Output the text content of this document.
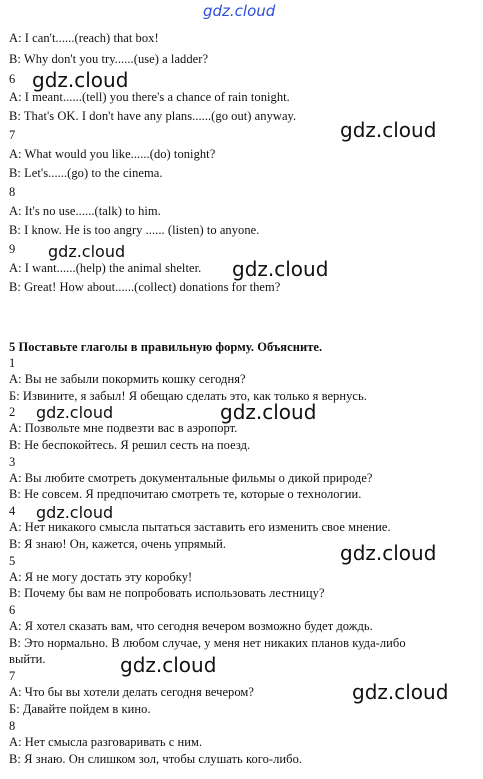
gdz.cloud
gdz.cloud
gdz.cloud
gdz.cloud
gdz.cloud
gdz.cloud	gdz.cloud
gdz.cloud
gdz.cloud
gdz.cloud
gdz.cloud
A: I can't......(reach) that box!
B: Why don't you try......(use) a ladder?
6
A: I meant......(tell) you there's a chance of rain tonight.
B: That's OK. I don't have any plans......(go out) anyway.
7
A: What would you like......(do) tonight?
B: Let's......(go) to the cinema.
8
A: It's no use......(talk) to him.
B: I know. He is too angry ...... (listen) to anyone.
9
A: I want......(help) the animal shelter.
B: Great! How about......(collect) donations for them?
5 Поставьте глаголы в правильную форму. Объясните.
1
А: Вы не забыли покормить кошку сегодня?
Б: Извините, я забыл! Я обещаю сделать это, как только я вернусь.
2
А: Позвольте мне подвезти вас в аэропорт.
В: Не беспокойтесь. Я решил сесть на поезд.
3
А: Вы любите смотреть документальные фильмы о дикой природе?
В: Не совсем. Я предпочитаю смотреть те, которые о технологии.
4
А: Нет никакого смысла пытаться заставить его изменить свое мнение.
В: Я знаю! Он, кажется, очень упрямый.
5
А: Я не могу достать эту коробку!
В: Почему бы вам не попробовать использовать лестницу?
6
А: Я хотел сказать вам, что сегодня вечером возможно будет дождь.
В: Это нормально. В любом случае, у меня нет никаких планов куда-либо
выйти.
7
А: Что бы вы хотели делать сегодня вечером?
Б: Давайте пойдем в кино.
8
А: Нет смысла разговаривать с ним.
В: Я знаю. Он слишком зол, чтобы слушать кого-либо.
